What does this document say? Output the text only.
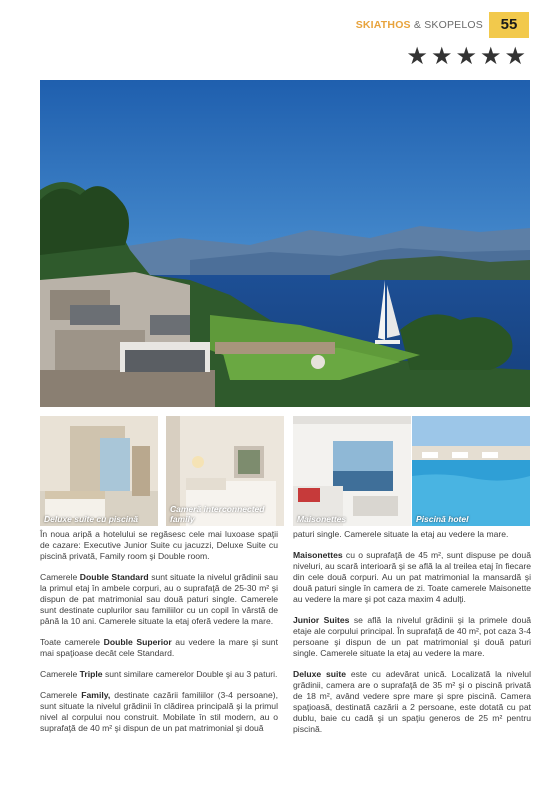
SKIATHOS & SKOPELOS	55
★★★★★
Deluxe suite cu piscină
Cameră interconnected family	Maisonettes	Piscină hotel

În noua aripă a hotelului se regăsesc cele mai luxoase spaţii de cazare: Executive Junior Suite cu jacuzzi, Deluxe Suite cu piscină privată, Family room şi Double room.

Camerele Double Standard sunt situate la nivelul grădinii sau la primul etaj în ambele corpuri, au o suprafaţă de 25-30 m² şi dispun de pat matrimonial sau două paturi single. Camerele sunt destinate cuplurilor sau familiilor cu un copil în vârstă de până la 10 ani. Camerele situate la etaj oferă vedere la mare.

Toate camerele Double Superior au vedere la mare şi sunt mai spaţioase decât cele Standard.

Camerele Triple sunt similare camerelor Double şi au 3 paturi.

Camerele Family, destinate cazării familiilor (3-4 persoane), sunt situate la nivelul grădinii în clădirea principală şi la primul nivel al corpului nou construit. Mobilate în stil modern, au o suprafaţă de 40 m² şi dispun de un pat matrimonial şi două

paturi single. Camerele situate la etaj au vedere la mare.

Maisonettes cu o suprafaţă de 45 m², sunt dispuse pe două niveluri, au scară interioară şi se află la al treilea etaj în fiecare din cele două corpuri. Au un pat matrimonial la mansardă şi două paturi single în camera de zi. Toate camerele Maisonette au vedere la mare şi pot caza maxim 4 adulţi.

Junior Suites se află la nivelul grădinii şi la primele două etaje ale corpului principal. În suprafaţă de 40 m², pot caza 3-4 persoane şi dispun de un pat matrimonial şi două paturi single. Camerele situate la etaj au vedere la mare.

Deluxe suite este cu adevărat unică. Localizată la nivelul grădinii, camera are o suprafaţă de 35 m² şi o piscină privată de 18 m², având vedere spre mare şi spre piscină. Camera spaţioasă, destinată cazării a 2 persoane, este dotată cu pat dublu, baie cu cadă şi un spaţiu generos de 25 m² pentru piscină.
